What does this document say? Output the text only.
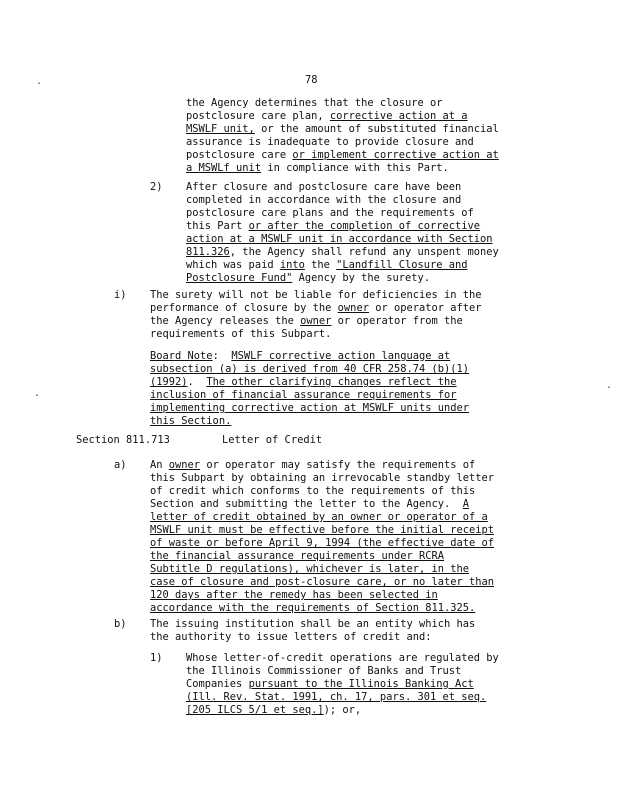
78
.
.
.
the Agency determines that the closure or
postclosure care plan, corrective action at a
MSWLF unit, or the amount of substituted financial
assurance is inadequate to provide closure and
postclosure care or implement corrective action at
a MSWLf unit in compliance with this Part.
2) After closure and postclosure care have been
completed in accordance with the closure and
postclosure care plans and the requirements of
this Part or after the completion of corrective
action at a MSWLF unit in accordance with Section
811.326, the Agency shall refund any unspent money
which was paid into the "Landfill Closure and
Postclosure Fund" Agency by the surety.
i) The surety will not be liable for deficiencies in the
performance of closure by the owner or operator after
the Agency releases the owner or operator from the
requirements of this Subpart.
Board Note:  MSWLF corrective action language at
subsection (a) is derived from 40 CFR 258.74 (b)(1)
(1992).  The other clarifying changes reflect the
inclusion of financial assurance requirements for
implementing corrective action at MSWLF units under
this Section.
Section 811.713	Letter of Credit
a) An owner or operator may satisfy the requirements of
this Subpart by obtaining an irrevocable standby letter
of credit which conforms to the requirements of this
Section and submitting the letter to the Agency.  A
letter of credit obtained by an owner or operator of a
MSWLF unit must be effective before the initial receipt
of waste or before April 9, 1994 (the effective date of
the financial assurance requirements under RCRA
Subtitle D regulations), whichever is later, in the
case of closure and post-closure care, or no later than
120 days after the remedy has been selected in
accordance with the requirements of Section 811.325.
b) The issuing institution shall be an entity which has
the authority to issue letters of credit and:
1) Whose letter-of-credit operations are regulated by
the Illinois Commissioner of Banks and Trust
Companies pursuant to the Illinois Banking Act
(Ill. Rev. Stat. 1991, ch. 17, pars. 301 et seq.
[205 ILCS 5/1 et seq.]); or,
